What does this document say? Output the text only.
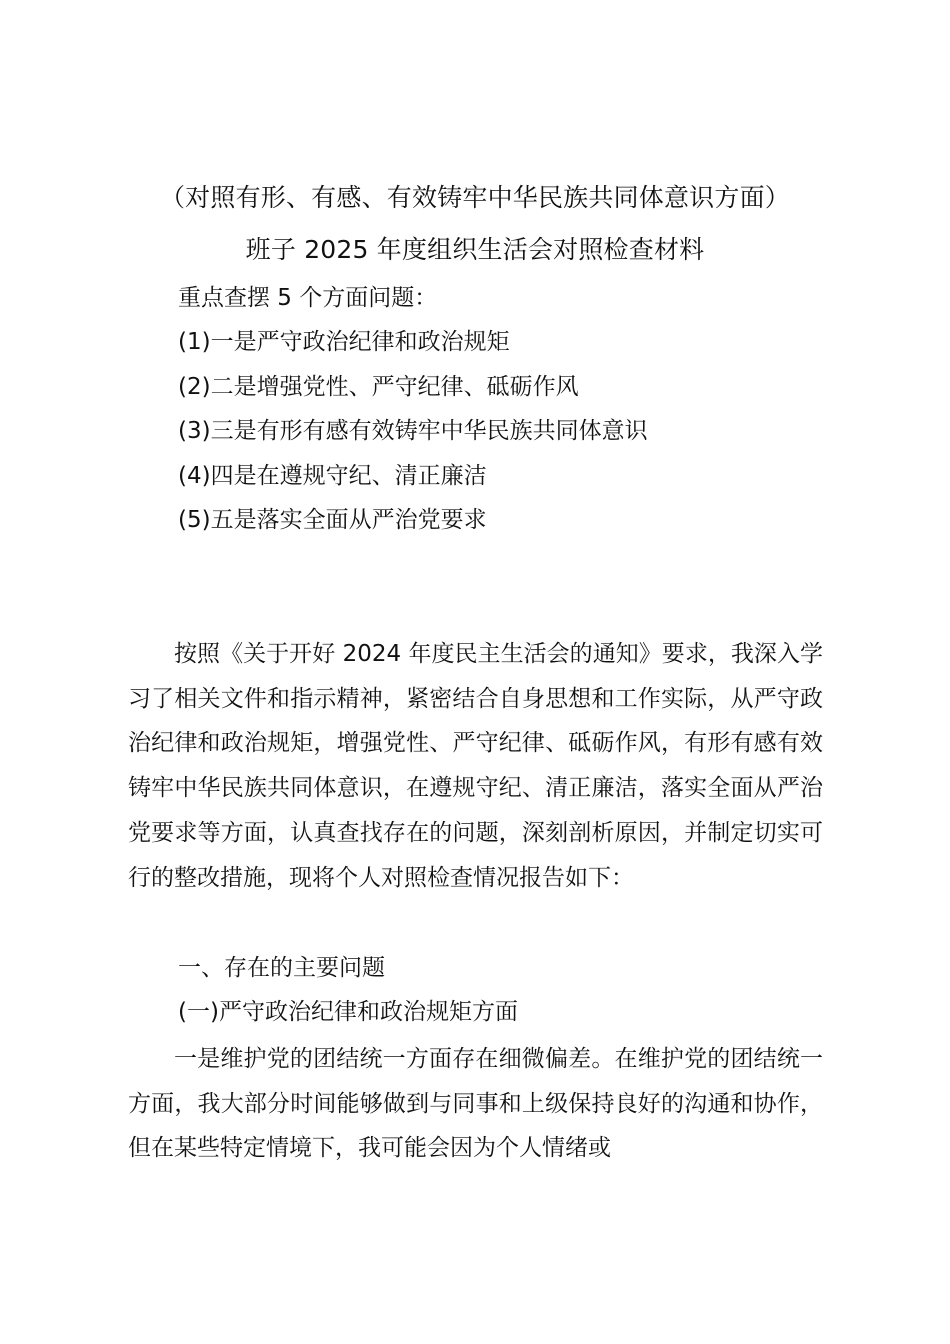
（对照有形、有感、有效铸牢中华民族共同体意识方面）
班子 2025 年度组织生活会对照检查材料
重点查摆 5 个方面问题：
(1)一是严守政治纪律和政治规矩
(2)二是增强党性、严守纪律、砥砺作风
(3)三是有形有感有效铸牢中华民族共同体意识
(4)四是在遵规守纪、清正廉洁
(5)五是落实全面从严治党要求

按照《关于开好 2024 年度民主生活会的通知》要求，我深入学习了相关文件和指示精神，紧密结合自身思想和工作实际，从严守政治纪律和政治规矩，增强党性、严守纪律、砥砺作风，有形有感有效铸牢中华民族共同体意识，在遵规守纪、清正廉洁，落实全面从严治党要求等方面，认真查找存在的问题，深刻剖析原因，并制定切实可行的整改措施，现将个人对照检查情况报告如下：

一、存在的主要问题
(一)严守政治纪律和政治规矩方面

一是维护党的团结统一方面存在细微偏差。在维护党的团结统一方面，我大部分时间能够做到与同事和上级保持良好的沟通和协作，但在某些特定情境下，我可能会因为个人情绪或
